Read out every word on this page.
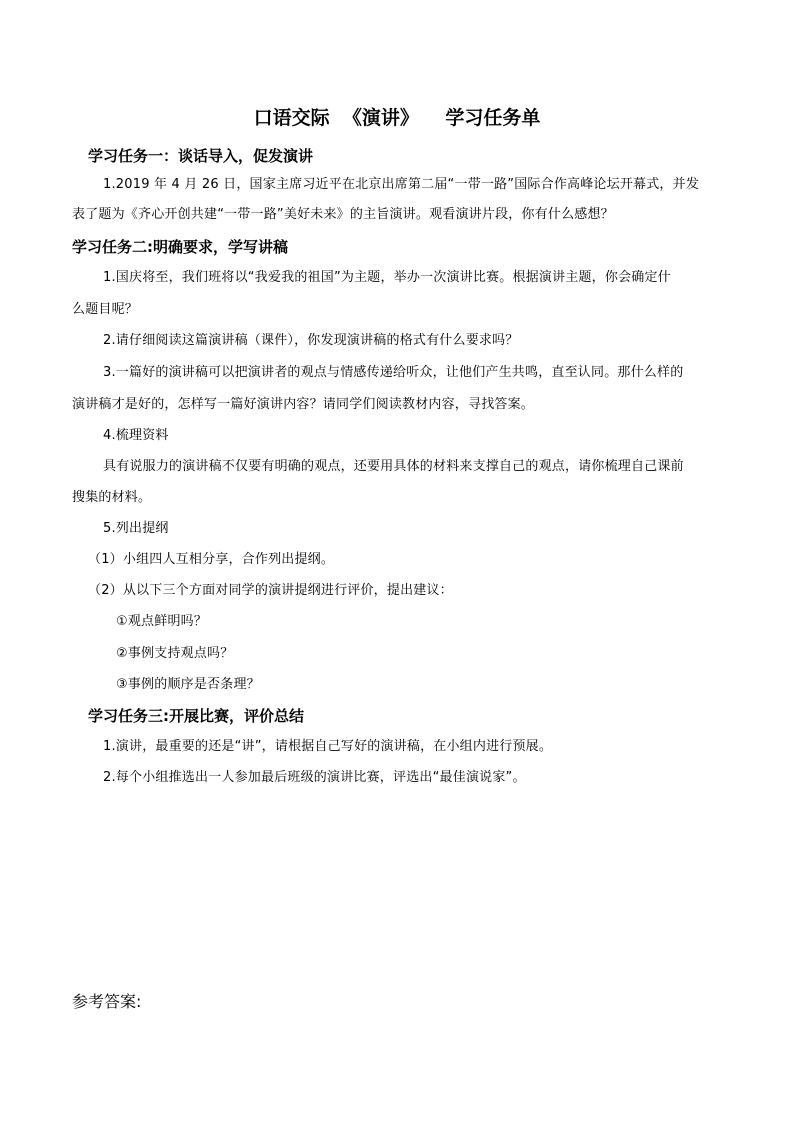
口语交际  《演讲》    学习任务单
学习任务一：谈话导入，促发演讲
1.2019 年 4 月 26 日，国家主席习近平在北京出席第二届“一带一路”国际合作高峰论坛开幕式，并发
表了题为《齐心开创共建“一带一路”美好未来》的主旨演讲。观看演讲片段，你有什么感想？
学习任务二:明确要求，学写讲稿
1.国庆将至，我们班将以“我爱我的祖国”为主题，举办一次演讲比赛。根据演讲主题，你会确定什
么题目呢？
2.请仔细阅读这篇演讲稿（课件），你发现演讲稿的格式有什么要求吗？
3.一篇好的演讲稿可以把演讲者的观点与情感传递给听众，让他们产生共鸣，直至认同。那什么样的
演讲稿才是好的，怎样写一篇好演讲内容？请同学们阅读教材内容，寻找答案。
4.梳理资料
具有说服力的演讲稿不仅要有明确的观点，还要用具体的材料来支撑自己的观点，请你梳理自己课前
搜集的材料。
5.列出提纲
（1）小组四人互相分享，合作列出提纲。
（2）从以下三个方面对同学的演讲提纲进行评价，提出建议：
①观点鲜明吗？
②事例支持观点吗？
③事例的顺序是否条理？
学习任务三:开展比赛，评价总结
1.演讲，最重要的还是“讲”，请根据自己写好的演讲稿，在小组内进行预展。
2.每个小组推选出一人参加最后班级的演讲比赛，评选出“最佳演说家”。
参考答案:
